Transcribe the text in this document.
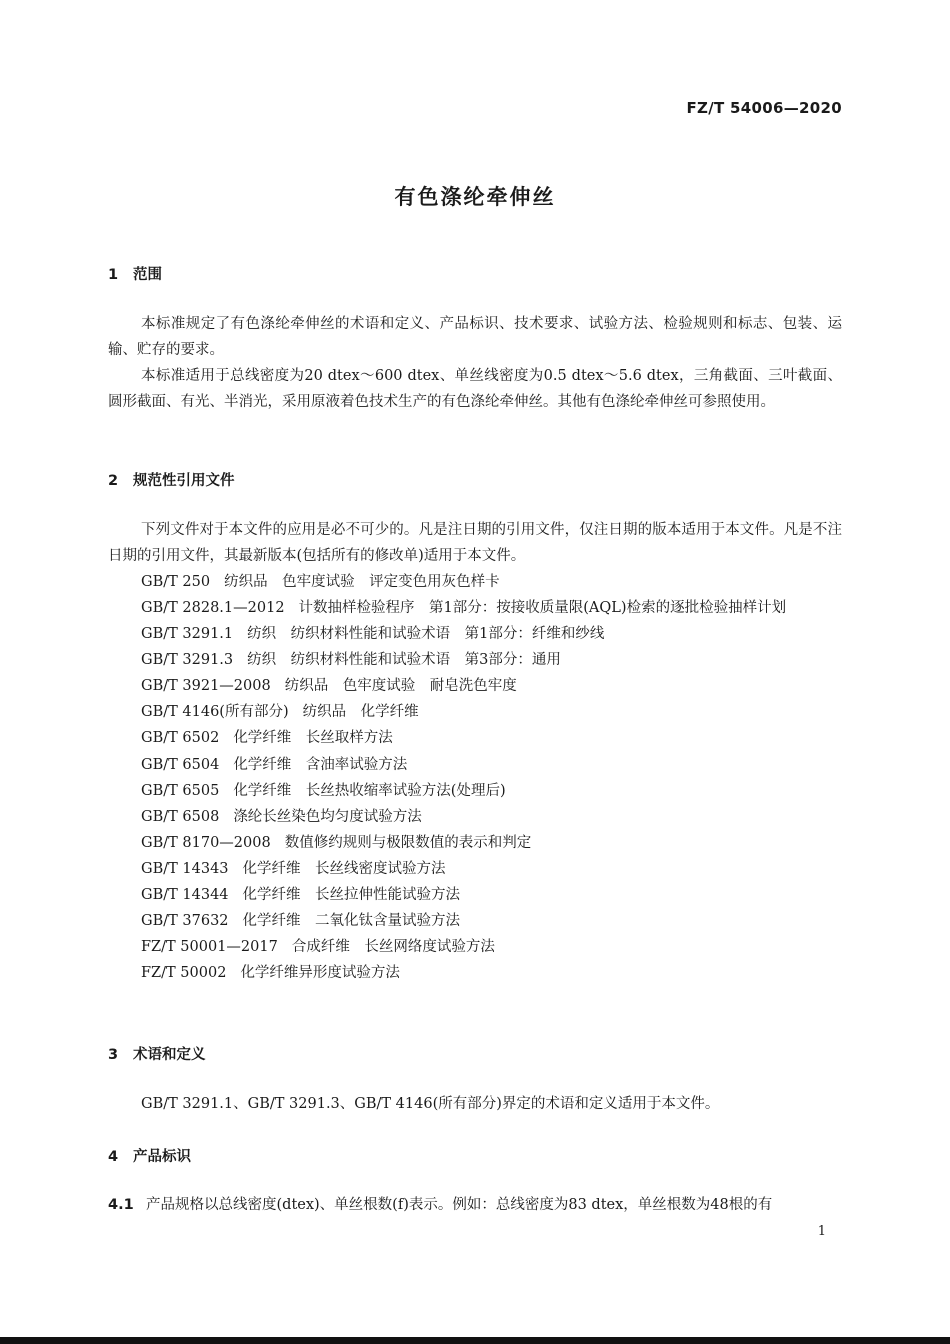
FZ/T 54006—2020
有色涤纶牵伸丝
1 范围

本标准规定了有色涤纶牵伸丝的术语和定义、产品标识、技术要求、试验方法、检验规则和标志、包装、运输、贮存的要求。

本标准适用于总线密度为20 dtex～600 dtex、单丝线密度为0.5 dtex～5.6 dtex，三角截面、三叶截面、圆形截面、有光、半消光，采用原液着色技术生产的有色涤纶牵伸丝。其他有色涤纶牵伸丝可参照使用。

2 规范性引用文件

下列文件对于本文件的应用是必不可少的。凡是注日期的引用文件，仅注日期的版本适用于本文件。凡是不注日期的引用文件，其最新版本(包括所有的修改单)适用于本文件。

GB/T 250 纺织品　色牢度试验　评定变色用灰色样卡
GB/T 2828.1—2012 计数抽样检验程序　第1部分：按接收质量限(AQL)检索的逐批检验抽样计划
GB/T 3291.1 纺织　纺织材料性能和试验术语　第1部分：纤维和纱线
GB/T 3291.3 纺织　纺织材料性能和试验术语　第3部分：通用
GB/T 3921—2008 纺织品　色牢度试验　耐皂洗色牢度
GB/T 4146(所有部分) 纺织品　化学纤维
GB/T 6502 化学纤维　长丝取样方法
GB/T 6504 化学纤维　含油率试验方法
GB/T 6505 化学纤维　长丝热收缩率试验方法(处理后)
GB/T 6508 涤纶长丝染色均匀度试验方法
GB/T 8170—2008 数值修约规则与极限数值的表示和判定
GB/T 14343 化学纤维　长丝线密度试验方法
GB/T 14344 化学纤维　长丝拉伸性能试验方法
GB/T 37632 化学纤维　二氧化钛含量试验方法
FZ/T 50001—2017 合成纤维　长丝网络度试验方法
FZ/T 50002 化学纤维异形度试验方法
3 术语和定义

GB/T 3291.1、GB/T 3291.3、GB/T 4146(所有部分)界定的术语和定义适用于本文件。

4 产品标识
4.1 产品规格以总线密度(dtex)、单丝根数(f)表示。例如：总线密度为83 dtex，单丝根数为48根的有
1
